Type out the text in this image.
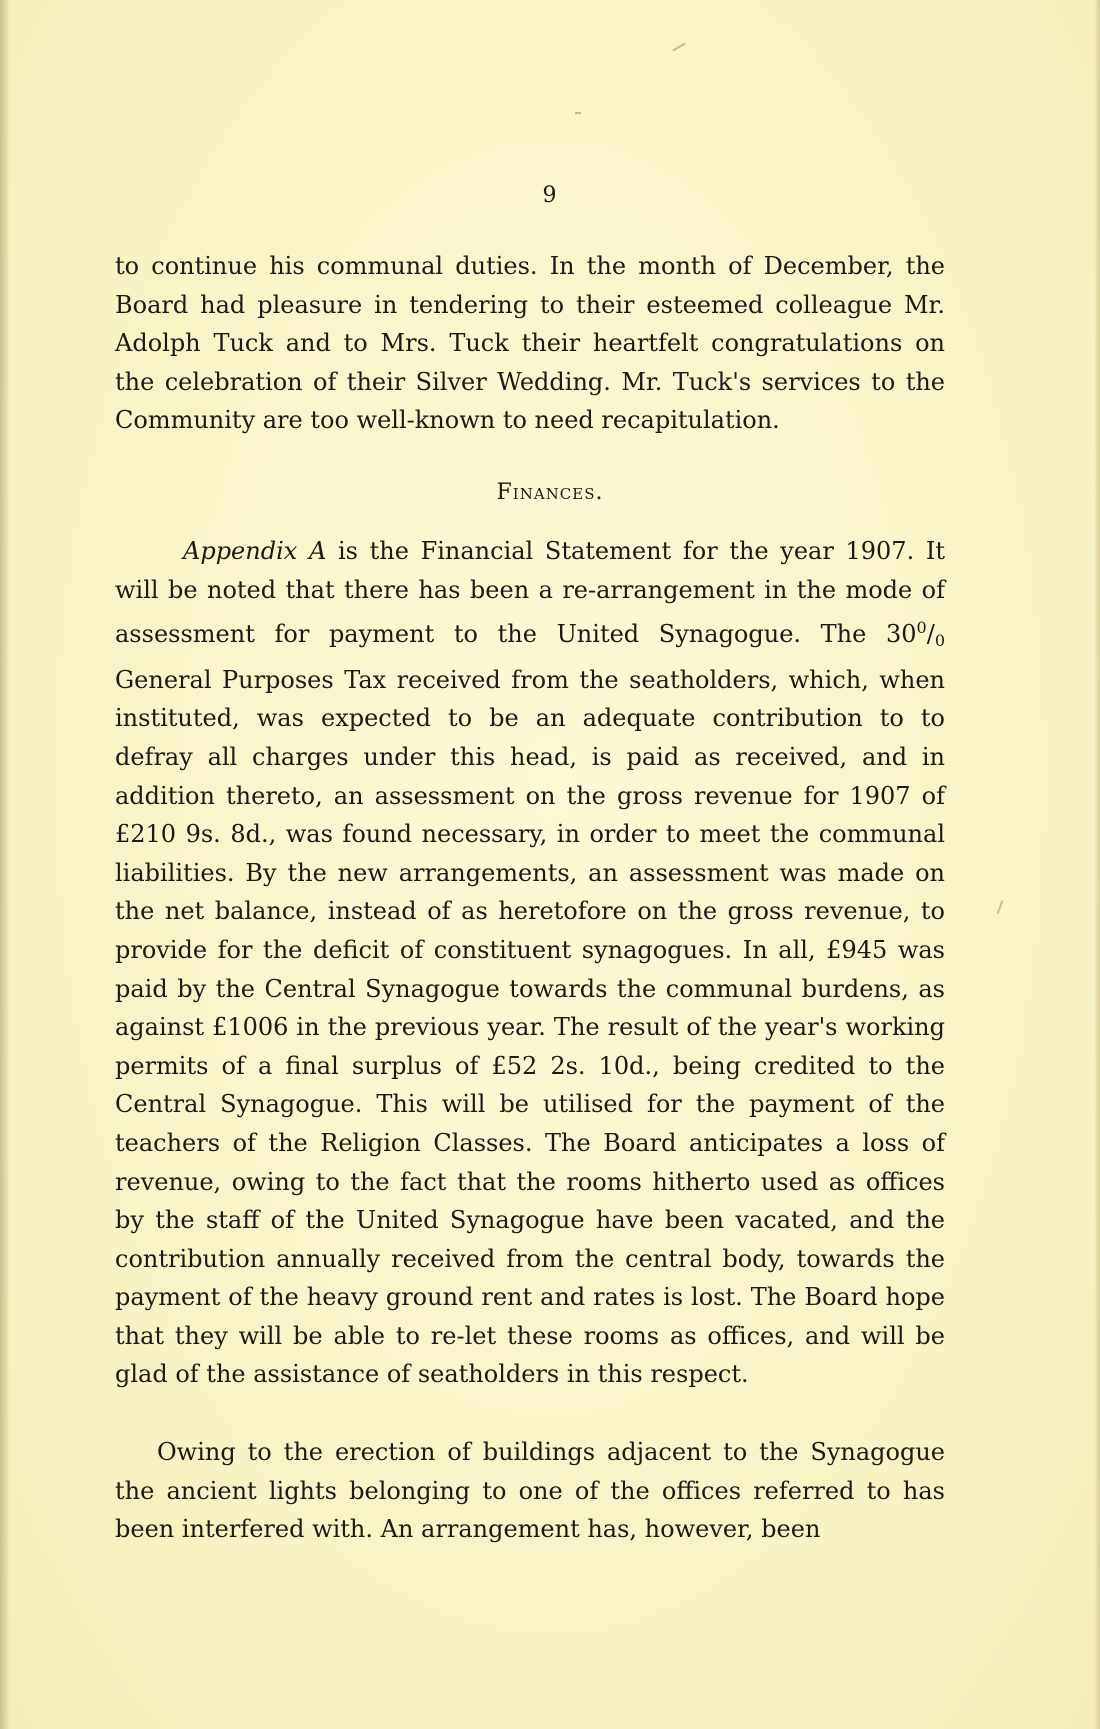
9
to continue his communal duties. In the month of December, the Board had pleasure in tendering to their esteemed colleague Mr. Adolph Tuck and to Mrs. Tuck their heartfelt congratulations on the celebration of their Silver Wedding. Mr. Tuck's services to the Community are too well-known to need recapitulation.
Finances.
Appendix A is the Financial Statement for the year 1907. It will be noted that there has been a re-arrangement in the mode of assessment for payment to the United Synagogue. The $30^0/_0$ General Purposes Tax received from the seatholders, which, when instituted, was expected to be an adequate contribution to to defray all charges under this head, is paid as received, and in addition thereto, an assessment on the gross revenue for 1907 of £210 9s. 8d., was found necessary, in order to meet the communal liabilities. By the new arrangements, an assessment was made on the net balance, instead of as heretofore on the gross revenue, to provide for the deficit of constituent synagogues. In all, £945 was paid by the Central Synagogue towards the communal burdens, as against £1006 in the previous year. The result of the year's working permits of a final surplus of £52 2s. 10d., being credited to the Central Synagogue. This will be utilised for the payment of the teachers of the Religion Classes. The Board anticipates a loss of revenue, owing to the fact that the rooms hitherto used as offices by the staff of the United Synagogue have been vacated, and the contribution annually received from the central body, towards the payment of the heavy ground rent and rates is lost. The Board hope that they will be able to re-let these rooms as offices, and will be glad of the assistance of seatholders in this respect.
Owing to the erection of buildings adjacent to the Synagogue the ancient lights belonging to one of the offices referred to has been interfered with. An arrangement has, however, been
